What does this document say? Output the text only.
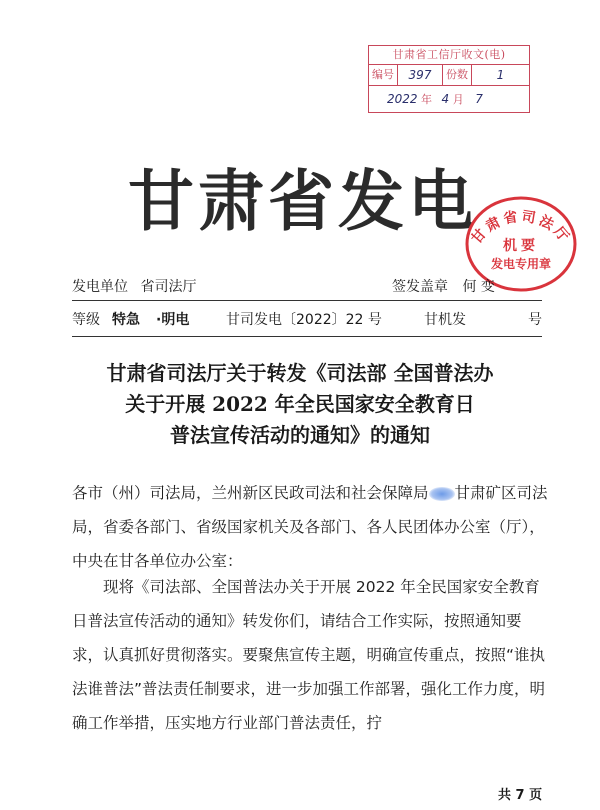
甘肃省工信厅收文(电)
编号	397	份数	1
2022 年 4 月 7
甘肃省发电
甘肃省司法厅
机要
发电专用章
发电单位 省司法厅	签发盖章 何 变
等级 特急 ·明电	甘司发电〔2022〕22 号	甘机发	号
甘肃省司法厅关于转发《司法部 全国普法办
关于开展 2022 年全民国家安全教育日
普法宣传活动的通知》的通知
各市（州）司法局，兰州新区民政司法和社会保障局 甘肃矿区司法局，省委各部门、省级国家机关及各部门、各人民团体办公室（厅），中央在甘各单位办公室：
现将《司法部、全国普法办关于开展 2022 年全民国家安全教育日普法宣传活动的通知》转发你们，请结合工作实际，按照通知要求，认真抓好贯彻落实。要聚焦宣传主题，明确宣传重点，按照“谁执法谁普法”普法责任制要求，进一步加强工作部署，强化工作力度，明确工作举措，压实地方行业部门普法责任，拧
共 7 页
